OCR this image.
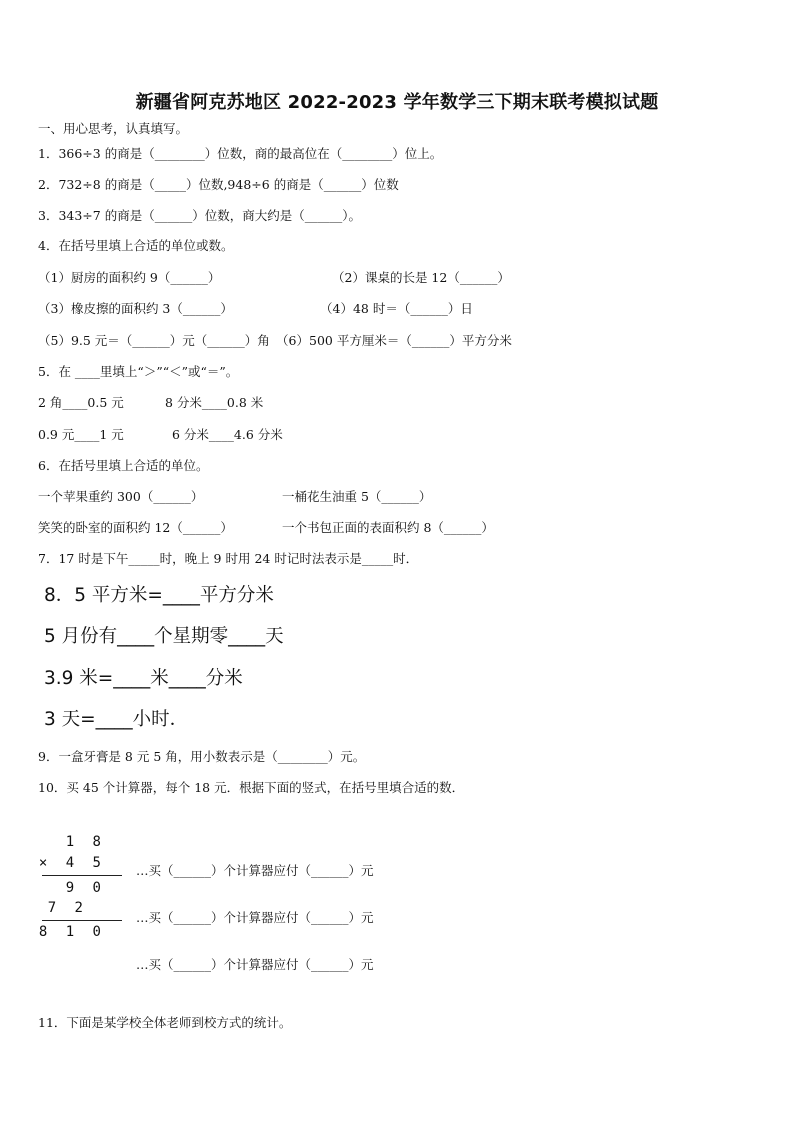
新疆省阿克苏地区 2022-2023 学年数学三下期末联考模拟试题
一、用心思考，认真填写。
1．366÷3 的商是（________）位数，商的最高位在（________）位上。
2．732÷8 的商是（_____）位数,948÷6 的商是（______）位数
3．343÷7 的商是（______）位数，商大约是（______）。
4．在括号里填上合适的单位或数。
（1）厨房的面积约 9（______）	（2）课桌的长是 12（______）
（3）橡皮擦的面积约 3（______）	（4）48 时＝（______）日
（5）9.5 元＝（______）元（______）角　（6）500 平方厘米＝（______）平方分米
5．在 ____里填上“＞”“＜”或“＝”。
2 角____0.5 元	8 分米____0.8 米
0.9 元____1 元	6 分米____4.6 分米
6．在括号里填上合适的单位。
一个苹果重约 300（______）	一桶花生油重 5（______）
笑笑的卧室的面积约 12（______）	一个书包正面的表面积约 8（______）
7．17 时是下午_____时，晚上 9 时用 24 时记时法表示是_____时．
8．5 平方米=____平方分米
5 月份有____个星期零____天
3.9 米=____米____分米
3 天=____小时．
9．一盒牙膏是 8 元 5 角，用小数表示是（________）元。
10．买 45 个计算器，每个 18 元．根据下面的竖式，在括号里填合适的数．
1 8
× 4 5
9 0
7 2
8 1 0
…买（______）个计算器应付（______）元
…买（______）个计算器应付（______）元
…买（______）个计算器应付（______）元
11．下面是某学校全体老师到校方式的统计。
